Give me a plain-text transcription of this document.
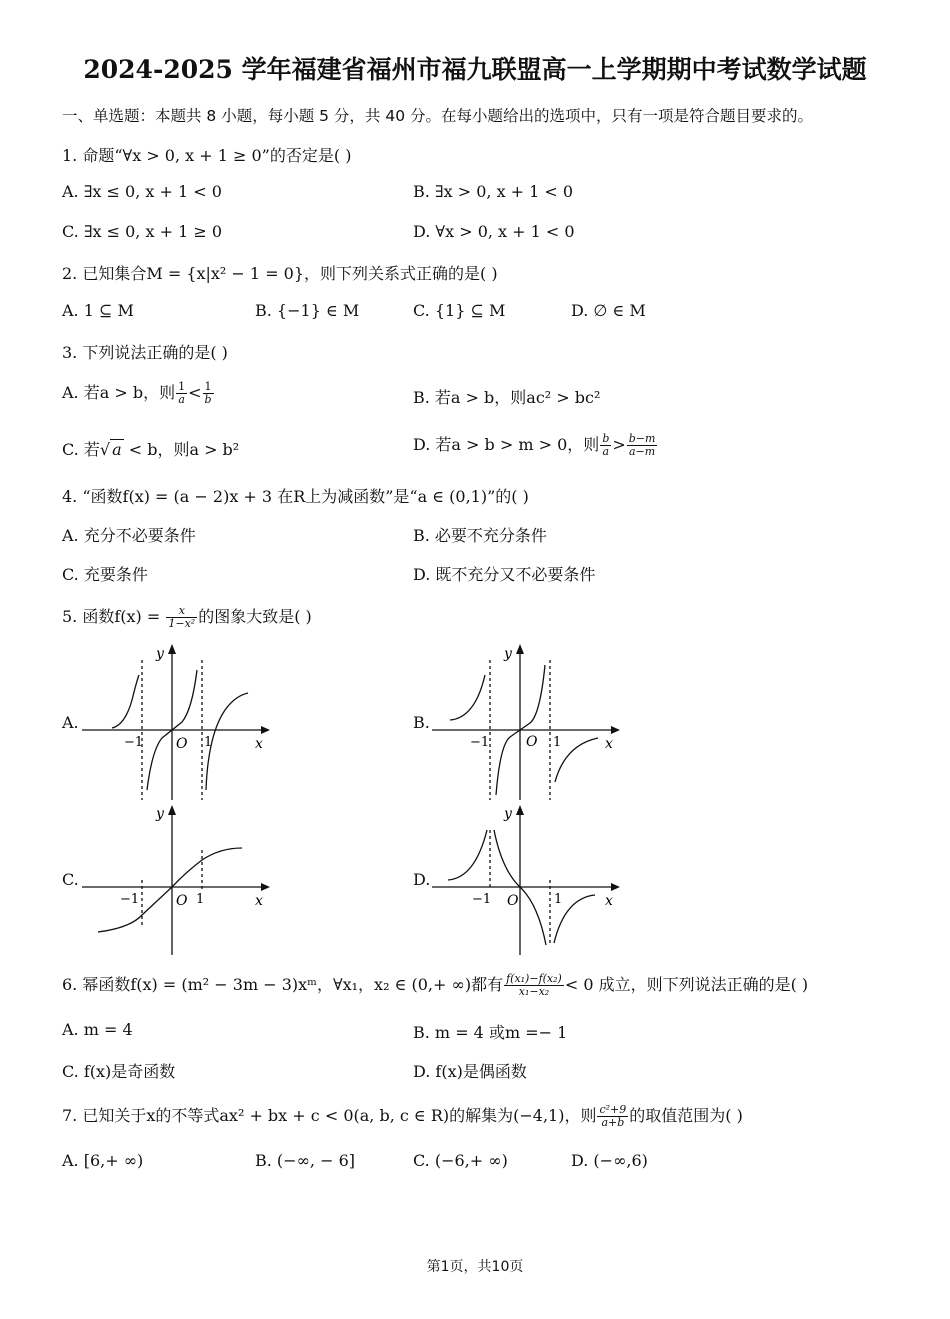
2024-2025 学年福建省福州市福九联盟高一上学期期中考试数学试题
一、单选题：本题共 8 小题，每小题 5 分，共 40 分。在每小题给出的选项中，只有一项是符合题目要求的。
1. 命题“∀x > 0, x + 1 ≥ 0”的否定是( )
A. ∃x ≤ 0, x + 1 < 0	B. ∃x > 0, x + 1 < 0
C. ∃x ≤ 0, x + 1 ≥ 0	D. ∀x > 0, x + 1 < 0
2. 已知集合M = {x|x² − 1 = 0}，则下列关系式正确的是( )
A. 1 ⊆ M	B. {−1} ∈ M	C. {1} ⊆ M	D. ∅ ∈ M
3. 下列说法正确的是( )
A. 若a > b，则 $\frac{1}{a} < \frac{1}{b}$	B. 若a > b，则ac² > bc²
C. 若√ a < b，则a > b²	D. 若a > b > m > 0，则 $\frac{b}{a} > \frac{b-m}{a-m}$
4. “函数f(x) = (a − 2)x + 3 在R上为减函数”是“a ∈ (0,1)”的( )
A. 充分不必要条件	B. 必要不充分条件
C. 充要条件	D. 既不充分又不必要条件
5. 函数$f(x) = \frac{x}{\text{1−x²}}$ 的图象大致是( )
A.	B.
C.	D.
y
x
O
−1	1
y
x
O
−1	1
y
x
O
−1	1
y
x
O
−1	1
6. 幂函数f(x) = (m² − 3m − 3)xᵐ，∀x₁，x₂ ∈ (0,+ ∞)都有 $\frac{\text{f(x₁)−f(x₂)}}{\text{x₁−x₂}} < 0$ 成立，则下列说法正确的是( )
A. m = 4	B. m = 4 或m =− 1
C. f(x)是奇函数	D. f(x)是偶函数
7. 已知关于x的不等式ax² + bx + c < 0(a, b, c ∈ R)的解集为(−4,1)，则 $\frac{\text{c²+9}}{a+b}$ 的取值范围为( )
A. [6,+ ∞)	B. (−∞, − 6]	C. (−6,+ ∞)	D. (−∞,6)
第1页，共10页
